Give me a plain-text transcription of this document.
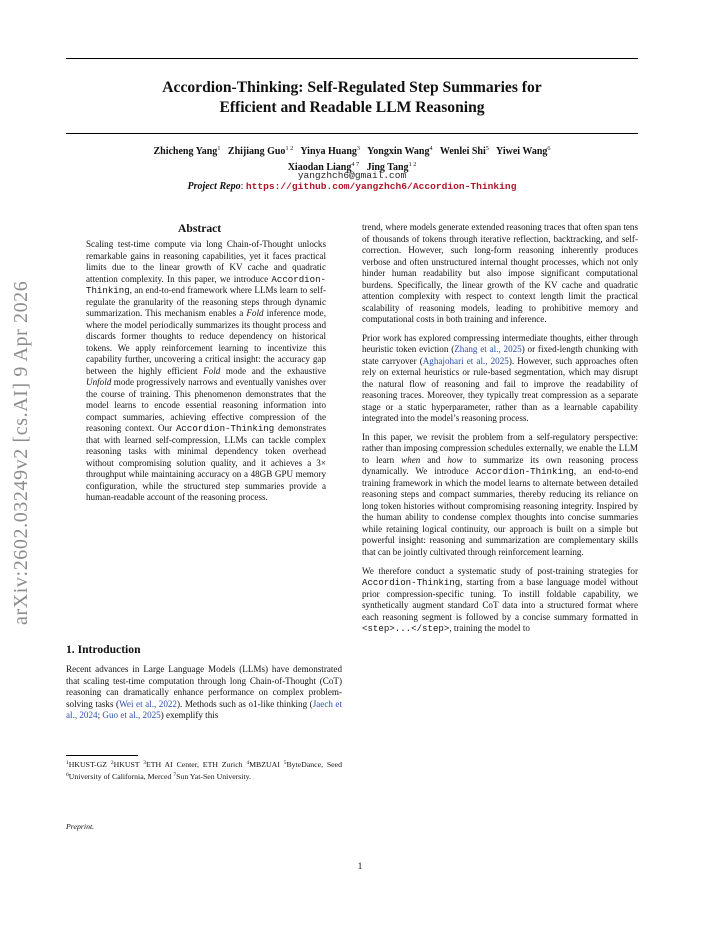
Accordion-Thinking: Self-Regulated Step Summaries for
Efficient and Readable LLM Reasoning
Zhicheng Yang$^1$ Zhijiang Guo$^{1 2}$ Yinya Huang$^3$ Yongxin Wang$^4$ Wenlei Shi$^5$ Yiwei Wang$^6$
Xiaodan Liang$^{4 7}$ Jing Tang$^{1 2}$
yangzhch6@gmail.com
Project Repo: https://github.com/yangzhch6/Accordion-Thinking
arXiv:2602.03249v2 [cs.AI] 9 Apr 2026
Abstract
Scaling test-time compute via long Chain-of-Thought unlocks remarkable gains in reasoning capabilities, yet it faces practical limits due to the linear growth of KV cache and quadratic attention complexity. In this paper, we introduce Accordion-Thinking, an end-to-end framework where LLMs learn to self-regulate the granularity of the reasoning steps through dynamic summarization. This mechanism enables a Fold inference mode, where the model periodically summarizes its thought process and discards former thoughts to reduce dependency on historical tokens. We apply reinforcement learning to incentivize this capability further, uncovering a critical insight: the accuracy gap between the highly efficient Fold mode and the exhaustive Unfold mode progressively narrows and eventually vanishes over the course of training. This phenomenon demonstrates that the model learns to encode essential reasoning information into compact summaries, achieving effective compression of the reasoning context. Our Accordion-Thinking demonstrates that with learned self-compression, LLMs can tackle complex reasoning tasks with minimal dependency token overhead without compromising solution quality, and it achieves a 3× throughput while maintaining accuracy on a 48GB GPU memory configuration, while the structured step summaries provide a human-readable account of the reasoning process.
1. Introduction
Recent advances in Large Language Models (LLMs) have demonstrated that scaling test-time computation through long Chain-of-Thought (CoT) reasoning can dramatically enhance performance on complex problem-solving tasks (Wei et al., 2022). Methods such as o1-like thinking (Jaech et al., 2024; Guo et al., 2025) exemplify this
$^1$HKUST-GZ $^2$HKUST $^3$ETH AI Center, ETH Zurich $^4$MBZUAI $^5$ByteDance, Seed $^6$University of California, Merced $^7$Sun Yat-Sen University.
Preprint.

trend, where models generate extended reasoning traces that often span tens of thousands of tokens through iterative reflection, backtracking, and self-correction. However, such long-form reasoning inherently produces verbose and often unstructured internal thought processes, which not only hinder human readability but also impose significant computational burdens. Specifically, the linear growth of the KV cache and quadratic attention complexity with respect to context length limit the practical scalability of reasoning models, leading to prohibitive memory and computational costs in both training and inference.

Prior work has explored compressing intermediate thoughts, either through heuristic token eviction (Zhang et al., 2025) or fixed-length chunking with state carryover (Aghajohari et al., 2025). However, such approaches often rely on external heuristics or rule-based segmentation, which may disrupt the natural flow of reasoning and fail to improve the readability of reasoning traces. Moreover, they typically treat compression as a separate stage or a static hyperparameter, rather than as a learnable capability integrated into the model’s reasoning process.

In this paper, we revisit the problem from a self-regulatory perspective: rather than imposing compression schedules externally, we enable the LLM to learn when and how to summarize its own reasoning process dynamically. We introduce Accordion-Thinking, an end-to-end training framework in which the model learns to alternate between detailed reasoning steps and compact summaries, thereby reducing its reliance on long token histories without compromising reasoning integrity. Inspired by the human ability to condense complex thoughts into concise summaries while retaining logical continuity, our approach is built on a simple but powerful insight: reasoning and summarization are complementary skills that can be jointly cultivated through reinforcement learning.

We therefore conduct a systematic study of post-training strategies for Accordion-Thinking, starting from a base language model without prior compression-specific tuning. To instill foldable capability, we synthetically augment standard CoT data into a structured format where each reasoning segment is followed by a concise summary formatted in <step>...</step>, training the model to

1
